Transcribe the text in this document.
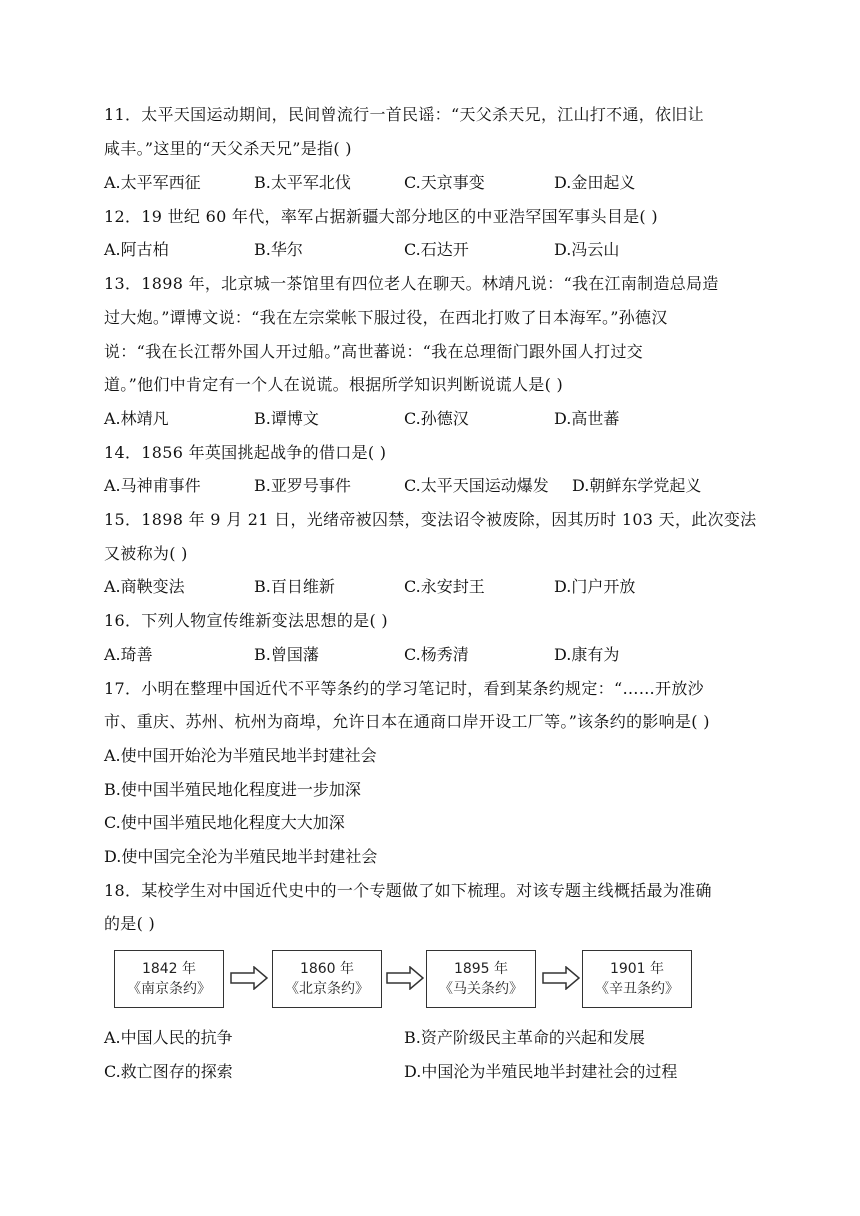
11．太平天国运动期间，民间曾流行一首民谣：“天父杀天兄，江山打不通，依旧让
咸丰。”这里的“天父杀天兄”是指( )
A.太平军西征	B.太平军北伐	C.天京事变	D.金田起义
12．19 世纪 60 年代，率军占据新疆大部分地区的中亚浩罕国军事头目是( )
A.阿古柏	B.华尔	C.石达开	D.冯云山
13．1898 年，北京城一茶馆里有四位老人在聊天。林靖凡说：“我在江南制造总局造
过大炮。”谭博文说：“我在左宗棠帐下服过役，在西北打败了日本海军。”孙德汉
说：“我在长江帮外国人开过船。”高世蕃说：“我在总理衙门跟外国人打过交
道。”他们中肯定有一个人在说谎。根据所学知识判断说谎人是( )
A.林靖凡	B.谭博文	C.孙德汉	D.高世蕃
14．1856 年英国挑起战争的借口是( )
A.马神甫事件	B.亚罗号事件	C.太平天国运动爆发 D.朝鲜东学党起义
15．1898 年 9 月 21 日，光绪帝被囚禁，变法诏令被废除，因其历时 103 天，此次变法
又被称为( )
A.商鞅变法	B.百日维新	C.永安封王	D.门户开放
16．下列人物宣传维新变法思想的是( )
A.琦善	B.曾国藩	C.杨秀清	D.康有为
17．小明在整理中国近代不平等条约的学习笔记时，看到某条约规定：“……开放沙
市、重庆、苏州、杭州为商埠，允许日本在通商口岸开设工厂等。”该条约的影响是( )
A.使中国开始沦为半殖民地半封建社会
B.使中国半殖民地化程度进一步加深
C.使中国半殖民地化程度大大加深
D.使中国完全沦为半殖民地半封建社会
18．某校学生对中国近代史中的一个专题做了如下梳理。对该专题主线概括最为准确
的是( )
1842 年
《南京条约》
1860 年
《北京条约》
1895 年
《马关条约》
1901 年
《辛丑条约》
A.中国人民的抗争	B.资产阶级民主革命的兴起和发展
C.救亡图存的探索	D.中国沦为半殖民地半封建社会的过程
